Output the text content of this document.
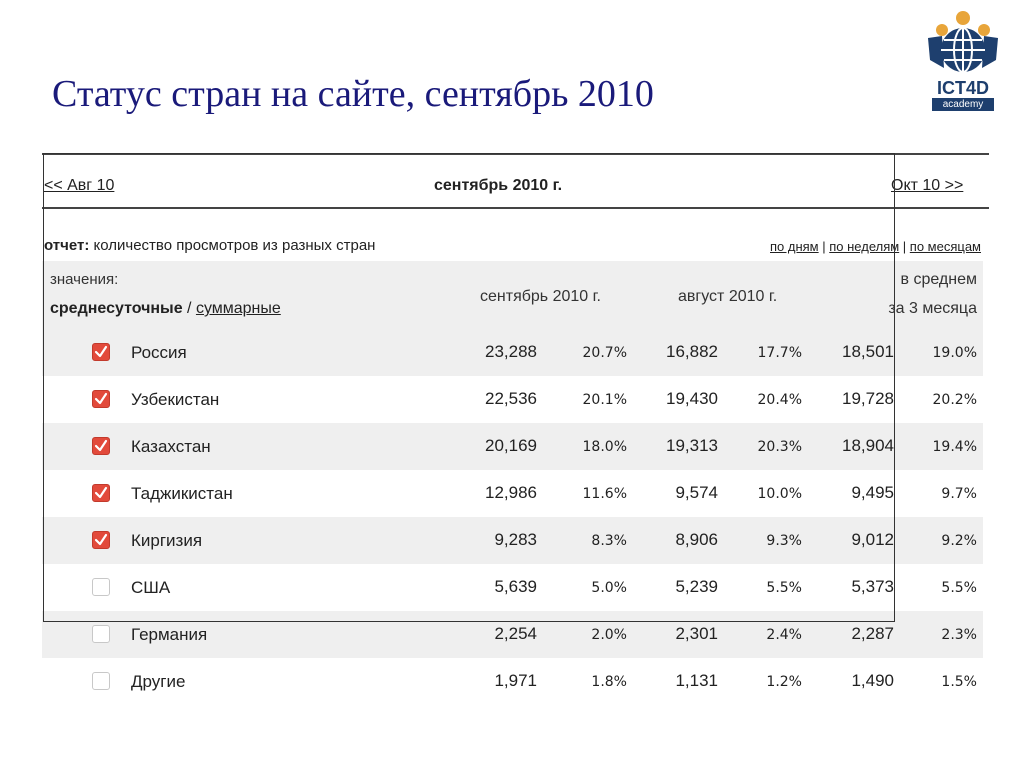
Статус стран на сайте, сентябрь 2010	ICT4D
academy
<< Авг 10	сентябрь 2010 г.	Окт 10 >>
отчет: количество просмотров из разных стран	по дням | по неделям | по месяцам
значения:
среднесуточные / суммарные
сентябрь 2010 г.	август 2010 г.
в среднем
за 3 месяца
Россия	23,288	20.7% 16,882	17.7% 18,501	19.0%
Узбекистан	22,536	20.1% 19,430	20.4% 19,728	20.2%
Казахстан	20,169	18.0% 19,313	20.3% 18,904	19.4%
Таджикистан	12,986	11.6%	9,574	10.0%	9,495	9.7%
Киргизия	9,283	8.3%	8,906	9.3%	9,012	9.2%
США	5,639	5.0%	5,239	5.5%	5,373	5.5%
Германия	2,254	2.0%	2,301	2.4%	2,287	2.3%
Другие	1,971	1.8%	1,131	1.2%	1,490	1.5%
